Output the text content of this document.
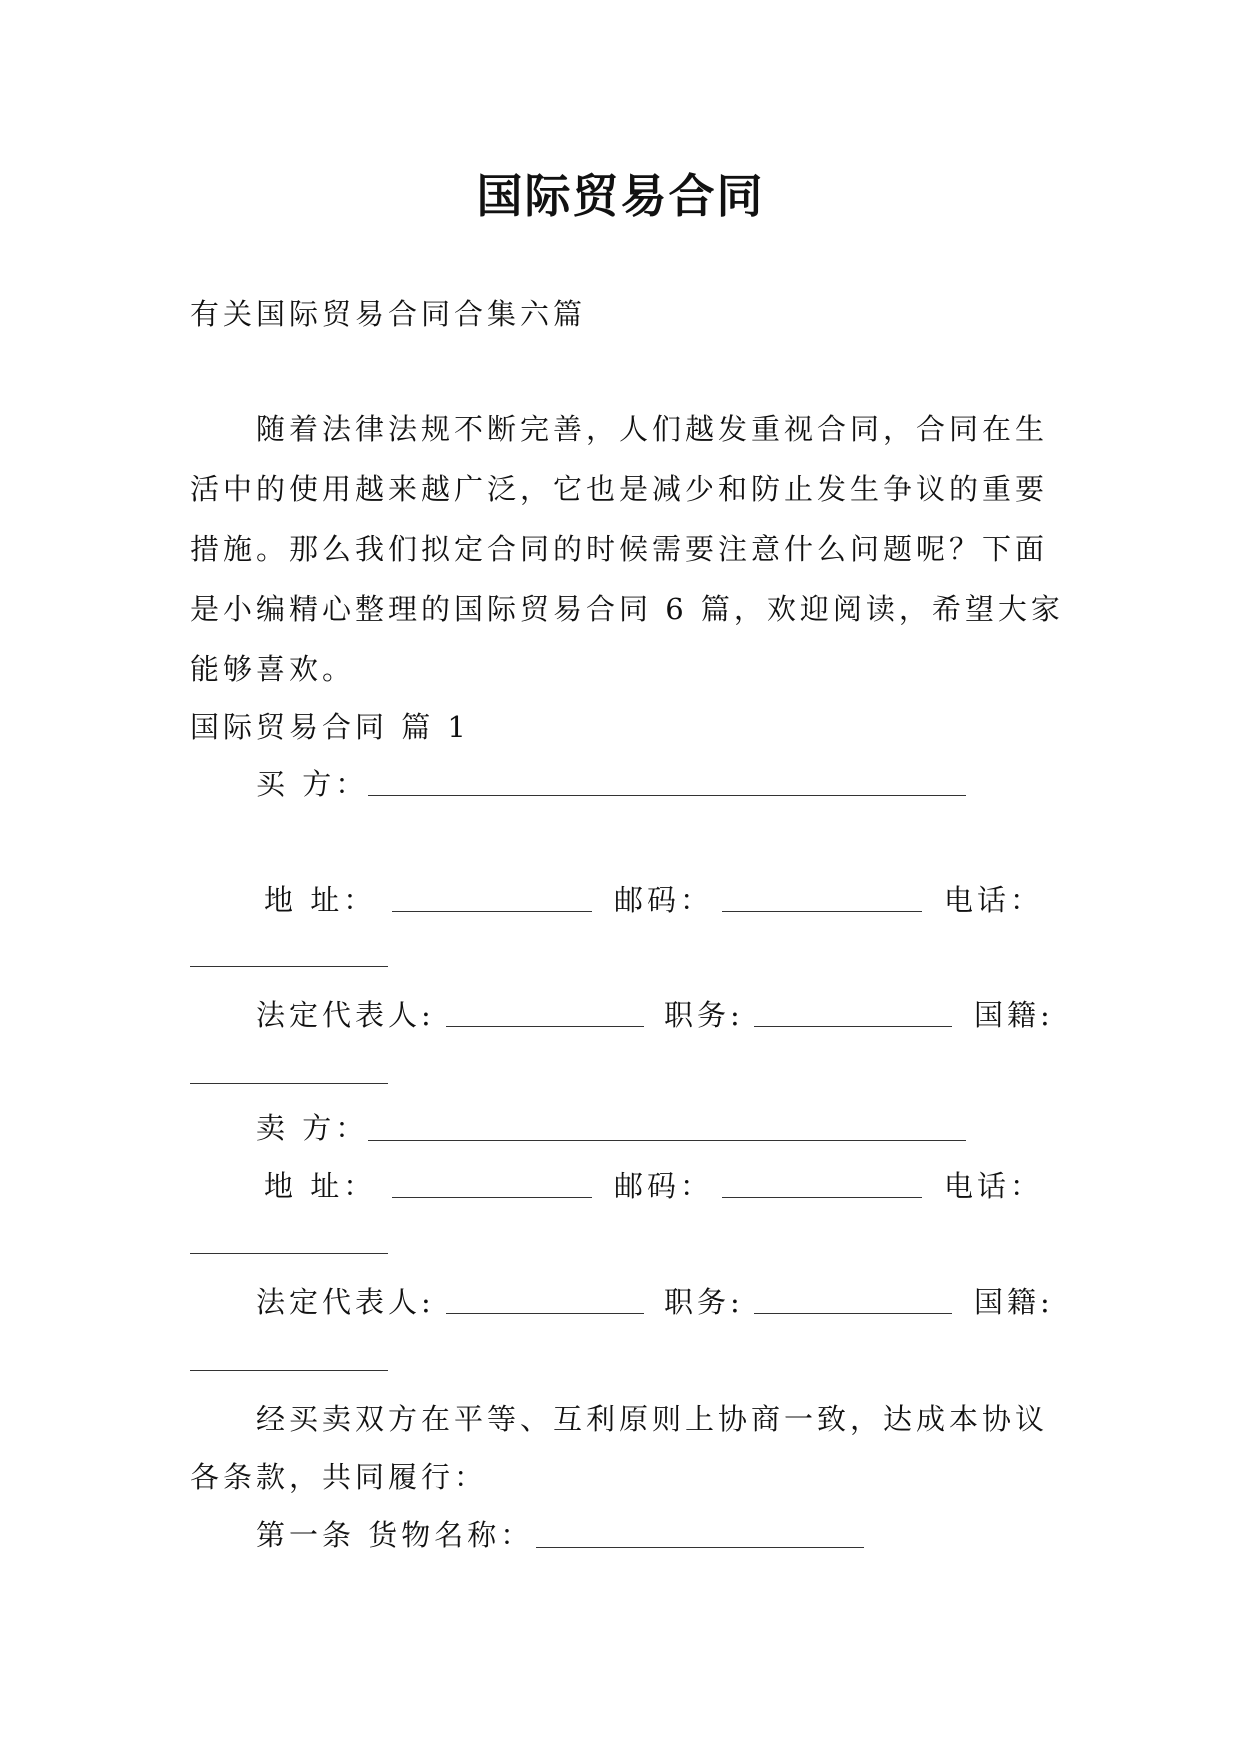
国际贸易合同
有关国际贸易合同合集六篇
随着法律法规不断完善，人们越发重视合同，合同在生
活中的使用越来越广泛，它也是减少和防止发生争议的重要
措施。那么我们拟定合同的时候需要注意什么问题呢？下面
是小编精心整理的国际贸易合同 6 篇，欢迎阅读，希望大家
能够喜欢。
国际贸易合同 篇 1
买 方：
地 址：	邮码：	电话：
法定代表人:	职务:	国籍:
卖 方：
地 址：	邮码：	电话：
法定代表人:	职务:	国籍:
经买卖双方在平等、互利原则上协商一致，达成本协议
各条款，共同履行：
第一条 货物名称：
